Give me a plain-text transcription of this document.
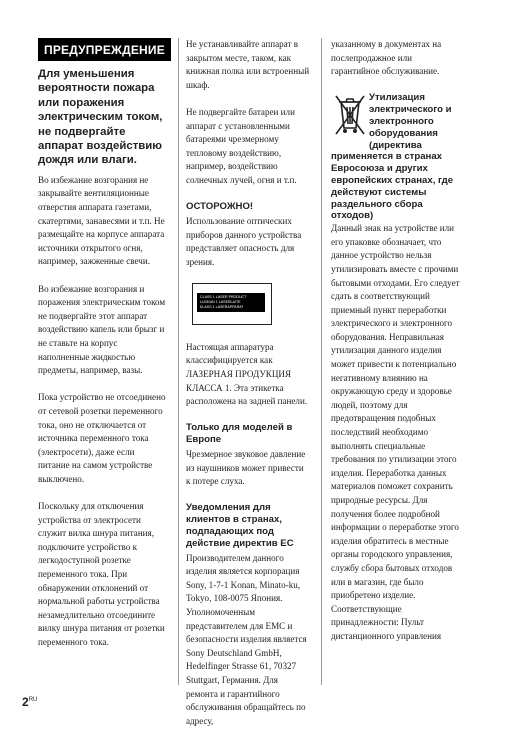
ПРЕДУПРЕЖДЕНИЕ

Для уменьшения вероятности пожара или поражения электрическим током, не подвергайте аппарат воздействию дождя или влаги.

Во избежание возгорания не закрывайте вентиляционные отверстия аппарата газетами, скатертями, занавесями и т.п. Не размещайте на корпусе аппарата источники открытого огня, например, зажженные свечи.

Во избежание возгорания и поражения электрическим током не подвергайте этот аппарат воздействию капель или брызг и не ставьте на корпус наполненные жидкостью предметы, например, вазы.

Пока устройство не отсоединено от сетевой розетки переменного тока, оно не отключается от источника переменного тока (электросети), даже если питание на самом устройстве выключено.

Поскольку для отключения устройства от электросети служит вилка шнура питания, подключите устройство к легкодоступной розетке переменного тока. При обнаружении отклонений от нормальной работы устройства незамедлительно отсоедините вилку шнура питания от розетки переменного тока.

Не устанавливайте аппарат в закрытом месте, таком, как книжная полка или встроенный шкаф.

Не подвергайте батареи или аппарат с установленными батареями чрезмерному тепловому воздействию, например, воздействию солнечных лучей, огня и т.п.

ОСТОРОЖНО!

Использование оптических приборов данного устройства представляет опасность для зрения.

CLASS 1 LASER PRODUCT
LUOKAN 1 LASERLAITE
KLASS 1 LASERAPPARAT

Настоящая аппаратура классифицируется как ЛАЗЕРНАЯ ПРОДУКЦИЯ КЛАССА 1. Эта этикетка расположена на задней панели.

Только для моделей в Европе

Чрезмерное звуковое давление из наушников может привести к потере слуха.

Уведомления для клиентов в странах, подпадающих под действие директив ЕС

Производителем данного изделия является корпорация Sony, 1-7-1 Konan, Minato-ku, Tokyo, 108-0075 Япония. Уполномоченным представителем для EMC и безопасности изделия является Sony Deutschland GmbH, Hedelfinger Strasse 61, 70327 Stuttgart, Германия. Для ремонта и гарантийного обслуживания обращайтесь по адресу,

указанному в документах на послепродажное или гарантийное обслуживание.

Утилизация электрического и электронного оборудования (директива
применяется в странах Евросоюза и других европейских странах, где действуют системы раздельного сбора отходов)

Данный знак на устройстве или его упаковке обозначает, что данное устройство нельзя утилизировать вместе с прочими бытовыми отходами. Его следует сдать в соответствующий приемный пункт переработки электрического и электронного оборудования. Неправильная утилизация данного изделия может привести к потенциально негативному влиянию на окружающую среду и здоровье людей, поэтому для предотвращения подобных последствий необходимо выполнять специальные требования по утилизации этого изделия. Переработка данных материалов поможет сохранить природные ресурсы. Для получения более подробной информации о переработке этого изделия обратитесь в местные органы городского управления, службу сбора бытовых отходов или в магазин, где было приобретено изделие. Соответствующие принадлежности: Пульт дистанционного управления

$2^{RU}$
